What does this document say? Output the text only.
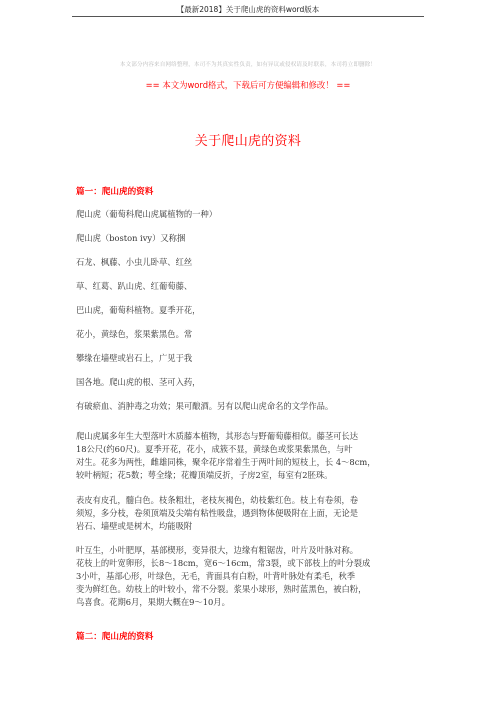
【最新2018】关于爬山虎的资料word版本
本文部分内容来自网络整理，本司不为其真实性负责，如有异议或侵权请及时联系，本司将立即删除！
== 本文为word格式，下载后可方便编辑和修改！ ==
关于爬山虎的资料
篇一：爬山虎的资料
爬山虎（葡萄科爬山虎属植物的一种）
爬山虎（boston ivy）又称捆
石龙、枫藤、小虫儿卧草、红丝
草、红葛、趴山虎、红葡萄藤、
巴山虎，葡萄科植物。夏季开花，
花小，黄绿色，浆果紫黑色。常
攀缘在墙壁或岩石上，广见于我
国各地。爬山虎的根、茎可入药，
有破瘀血、消肿毒之功效；果可酿酒。另有以爬山虎命名的文学作品。
爬山虎属多年生大型落叶木质藤本植物，其形态与野葡萄藤相似。藤茎可长达
18公尺(约60尺)。夏季开花，花小，成簇不显，黄绿色或浆果紫黑色，与叶
对生。花多为两性，雌雄同株，聚伞花序常着生于两叶间的短枝上，长 4～8cm，
较叶柄短；花5数；萼全缘；花瓣顶端反折，子房2室，每室有2胚珠。
表皮有皮孔，髓白色。枝条粗壮，老枝灰褐色，幼枝紫红色。枝上有卷须，卷
须短，多分枝，卷须顶端及尖端有粘性吸盘，遇到物体便吸附在上面，无论是
岩石、墙壁或是树木，均能吸附
叶互生，小叶肥厚，基部楔形，变异很大，边缘有粗锯齿，叶片及叶脉对称。
花枝上的叶宽卵形，长8～18cm，宽6～16cm，常3裂，或下部枝上的叶分裂成
3小叶，基部心形，叶绿色，无毛，背面具有白粉，叶背叶脉处有柔毛，秋季
变为鲜红色。幼枝上的叶较小，常不分裂。浆果小球形，熟时蓝黑色，被白粉，
鸟喜食。花期6月，果期大概在9～10月。
篇二：爬山虎的资料
